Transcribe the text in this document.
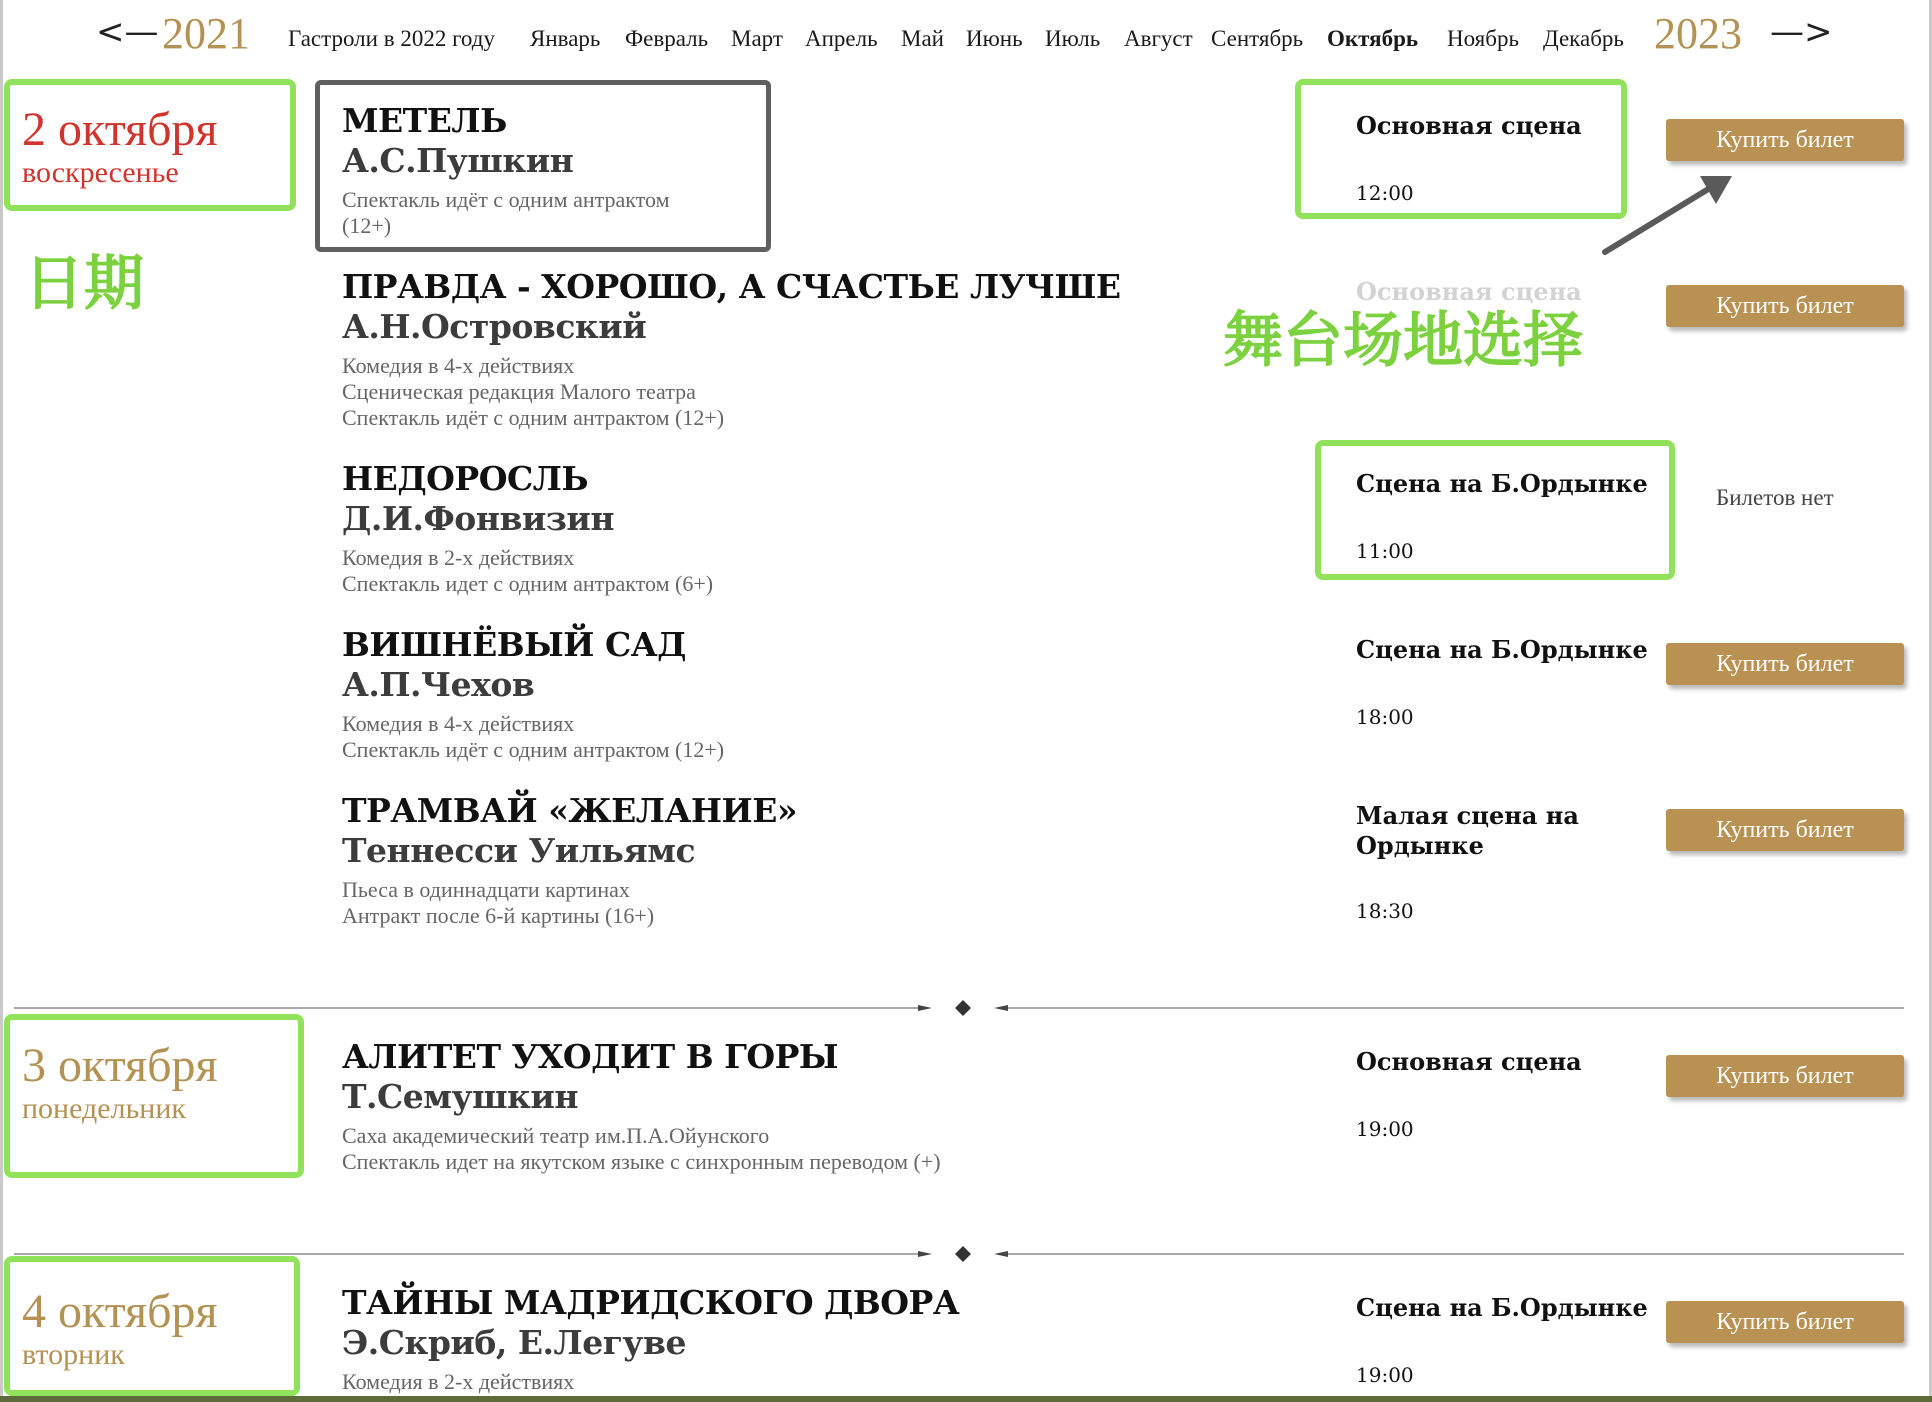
<— 2021 Гастроли в 2022 году Январь Февраль Март Апрель Май Июнь Июль Август Сентябрь Октябрь Ноябрь Декабрь 2023 —>
2 октября
воскресенье
МЕТЕЛЬ
А.С.Пушкин
Спектакль идёт с одним антрактом
(12+)
Основная сцена
12:00
Купить билет
ПРАВДА - ХОРОШО, А СЧАСТЬЕ ЛУЧШЕ
А.Н.Островский
Комедия в 4-х действиях
Сценическая редакция Малого театра
Спектакль идёт с одним антрактом (12+)
Основная сцена	Купить билет
НЕДОРОСЛЬ
Д.И.Фонвизин
Комедия в 2-х действиях
Спектакль идет с одним антрактом (6+)
Сцена на Б.Ордынке
11:00
Билетов нет
ВИШНЁВЫЙ САД
А.П.Чехов
Комедия в 4-х действиях
Спектакль идёт с одним антрактом (12+)
Сцена на Б.Ордынке
18:00
Купить билет
ТРАМВАЙ «ЖЕЛАНИЕ»
Теннесси Уильямс
Пьеса в одиннадцати картинах
Антракт после 6-й картины (16+)
Малая сцена на Ордынке
18:30
Купить билет
3 октября
понедельник
АЛИТЕТ УХОДИТ В ГОРЫ
Т.Семушкин
Саха академический театр им.П.А.Ойунского
Спектакль идет на якутском языке с синхронным переводом (+)
Основная сцена
19:00
Купить билет
4 октября
вторник
ТАЙНЫ МАДРИДСКОГО ДВОРА
Э.Скриб, Е.Легуве
Комедия в 2-х действиях
Сцена на Б.Ордынке
19:00
Купить билет
日期
舞台场地选择
